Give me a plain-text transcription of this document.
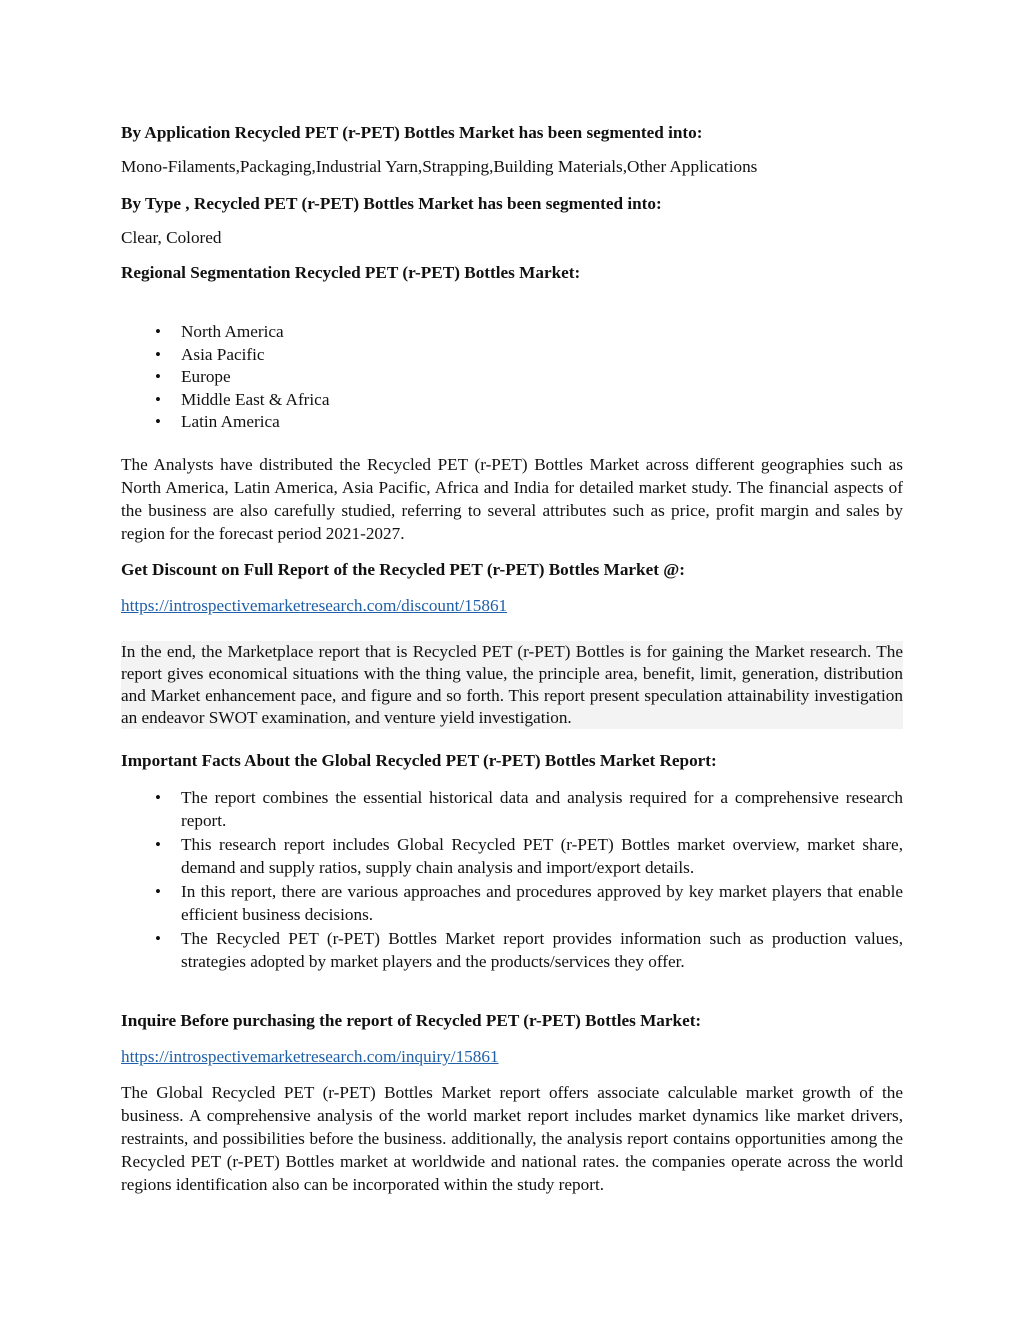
By Application Recycled PET (r-PET) Bottles Market has been segmented into:
Mono-Filaments,Packaging,Industrial Yarn,Strapping,Building Materials,Other Applications
By Type , Recycled PET (r-PET) Bottles Market has been segmented into:
Clear, Colored
Regional Segmentation Recycled PET (r-PET) Bottles Market:
• North America
• Asia Pacific
• Europe
• Middle East & Africa
• Latin America
The Analysts have distributed the Recycled PET (r-PET) Bottles Market across different geographies such as North America, Latin America, Asia Pacific, Africa and India for detailed market study. The financial aspects of the business are also carefully studied, referring to several attributes such as price, profit margin and sales by region for the forecast period 2021-2027.
Get Discount on Full Report of the Recycled PET (r-PET) Bottles Market @:
https://introspectivemarketresearch.com/discount/15861
In the end, the Marketplace report that is Recycled PET (r-PET) Bottles is for gaining the Market research. The report gives economical situations with the thing value, the principle area, benefit, limit, generation, distribution and Market enhancement pace, and figure and so forth. This report present speculation attainability investigation an endeavor SWOT examination, and venture yield investigation.
Important Facts About the Global Recycled PET (r-PET) Bottles Market Report:
• The report combines the essential historical data and analysis required for a comprehensive research report.
• This research report includes Global Recycled PET (r-PET) Bottles market overview, market share, demand and supply ratios, supply chain analysis and import/export details.
• In this report, there are various approaches and procedures approved by key market players that enable efficient business decisions.
• The Recycled PET (r-PET) Bottles Market report provides information such as production values, strategies adopted by market players and the products/services they offer.
Inquire Before purchasing the report of Recycled PET (r-PET) Bottles Market:
https://introspectivemarketresearch.com/inquiry/15861
The Global Recycled PET (r-PET) Bottles Market report offers associate calculable market growth of the business. A comprehensive analysis of the world market report includes market dynamics like market drivers, restraints, and possibilities before the business. additionally, the analysis report contains opportunities among the Recycled PET (r-PET) Bottles market at worldwide and national rates. the companies operate across the world regions identification also can be incorporated within the study report.
